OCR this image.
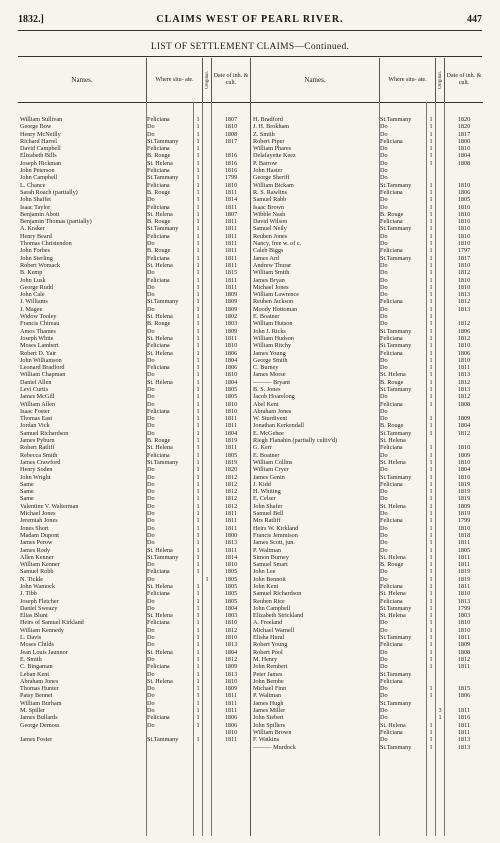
1832.]	CLAIMS WEST OF PEARL RIVER.	447
LIST OF SETTLEMENT CLAIMS—Continued.
Names.	Where situ- ate.	Original. Date of inh. & cult.
William Sullivan	Feliciana	1	1807
George Bow	Do	1	1810
Henry McNeilly	Do	1	1808
Richard Harrel	St.Tammany	1	1817
David Campbell	Feliciana	1
Elizabeth Bills	B. Rouge	1	1816
Joseph Hickman	St. Helena	1	1816
John Peterson	Feliciana	1	1816
John Campbell	St.Tammany	1	1799
L. Chance	Feliciana	1	1810
Sarah Roach (partially)	B. Rouge	1	1811
John Shaffet	Do	1	1814
Isaac Taylor	Feliciana	1	1811
Benjamin Abott	St. Helena	1	1807
Benjamin Thomas (partially)	B. Rouge	1	1811
A. Kraker	St.Tammany	1	1811
Henry Beard	Feliciana	1	1811
Thomas Christendon	Do	1	1811
John Forbes	B. Rouge	1	1811
John Sterling	Feliciana	1	1811
Robert Womack	St. Helena	1	1811
B. Kemp	Do	1	1815
John Lusk	Feliciana	1	1811
George Rudd	Do	1	1811
John Cale	Do	1	1809
J. Williams	St.Tammany	1	1809
J. Magee	Do	1	1809
Widow Tooley	St. Helena	1	1802
Francis Chireau	B. Rouge	1	1803
Amos Thames	Do	1	1809
Joseph White	St. Helena	1	1811
Moses Lambert	Feliciana	1	1810
Robert D. Yair	St. Helena	1	1806
John Williamson	Do	1	1804
Leonard Bradford	Feliciana	1	1806
William Chapman	Do	1	1810
Daniel Allen	St. Helena	1	1804
Levi Curtis	Do	1	1805
James McGill	Do	1	1805
William Allen	Do	1	1810
Isaac Foster	Feliciana	1	1810
Thomas East	Do	1	1811
Jordan Vick	Do	1	1811
Samuel Richardson	Do	1	1804
James Pyburn	B. Rouge	1	1819
Robert Ratliff	St. Helena	1	1811
Rebecca Smith	Feliciana	1	1805
James Crawford	St.Tammany	1	1819
Henry Soden	Do	1	1820
John Wright	Do	1	1812
Same	Do	1	1812
Same	Do	1	1812
Same	Do	1	1812
Valentine V. Walterman	Do	1	1812
Michael Jones	Do	1	1811
Jeremiah Jones	Do	1	1811
Jones Short	Do	1	1811
Madam Dupont	Do	1	1800
James Perow	Do	1	1813
James Rody	St. Helena	1	1811
Allen Kenner	St.Tammany	1	1814
William Kenner	Do	1	1810
Samuel Robb	Feliciana	1	1805
N. Tickle	Do	1	1805
John Wamock	St. Helena	1	1805
J. Tibb	Feliciana	1	1805
Joseph Fletcher	Do	1	1805
Daniel Sweazy	Do	1	1804
Elias Blunt	St. Helena	1	1803
Heirs of Samuel Kirkland	Feliciana	1	1810
William Kennedy	Do	1	1812
L. Davis	Do	1	1810
Moses Childs	Do	1	1813
Jean Louis Jaunnor	St. Helena	1	1804
E. Smith	Do	1	1812
C. Bingaman	Feliciana	1	1809
Leban Kent	Do	1	1813
Abraham Jones	St. Helena	1	1810
Thomas Hunter	Do	1	1809
Patsy Bennet	Do	1	1811
William Burham	Do	1	1811
M. Spiller	Do	1	1811
James Bullards	Feliciana	1	1806
George Demoss	Do	1	1806
1810
James Foster	St.Tammany	1	1811
Names.	Where situ- ate.	Original. Date of inh. & cult.
H. Bradford	St.Tammany	1	1820
J. H. Brokham	Do	1	1820
Z. Smith	Do	1	1817
Robert Piper	Feliciana	1	1800
William Phares	Do	1	1810
Delafayette Keez	Do	1	1804
P. Barrow	Do	1	1808
John Haster	Do
George Sheriff	Do
William Bickam	St.Tammany	1	1810
R. S. Rawlins	Feliciana	1	1806
Samuel Rabb	Do	1	1805
Isaac Brown	Do	1	1810
Wibble Nash	B. Rouge	1	1810
David Wilson	Feliciana	1	1810
Samuel Neily	St.Tammany	1	1810
Reuben Jones	Do	1	1810
Nancy, free w. of c.	Do	1	1810
Caleb Biggs	Feliciana	1	1797
James Ard	St.Tammany	1	1817
Andrew Thurar	Do	1	1810
William Smith	Do	1	1812
James Bryan	Do	1	1810
Michael Jones	Do	1	1810
William Lawrence	Do	1	1813
Reuben Jackson	Feliciana	1	1812
Moody Hottoman	Do	1	1813
E. Boatner	Do	1
William Hutson	Do	1	1812
John J. Ricks	St.Tammany	1	1806
William Hudson	Feliciana	1	1812
William Ritchy	St.Tammany	1	1810
James Young	Feliciana	1	1806
George Smith	Do	1	1810
C. Burney	Do	1	1811
James Morse	St. Helena	1	1813
——— Bryant	B. Rouge	1	1812
B. S. Jones	St.Tammany	1	1813
Jacob Hoarelong	Do	1	1812
Abel Kent	Feliciana	1	1808
Abraham Jones	Do
W. Sturdivent	Do	1	1809
Jonathan Kerkendall	B. Rouge	1	1804
E. McGehee	St.Tammany	1	1812
Riegh Flanahin (partially cultiv'd)	St. Helena
G. Kerr	Feliciana	1	1810
E. Boatner	Do	1	1809
William Collins	St. Helena	1	1810
William Cryer	Do	1	1804
James Genin	St.Tammany	1	1810
J. Kidd	Feliciana	1	1819
H. Whiting	Do	1	1819
E. Celser	Do	1	1819
John Shafer	St. Helena	1	1809
Samuel Bell	Do	1	1819
Mrs Ratliff	Feliciana	1	1799
Heirs W. Kirkland	Do	1	1810
Francis Jemmison	Do	1	1818
James Scott, jun.	Do	1	1811
P. Waltman	Do	1	1805
Simon Burney	St. Helena	1	1811
Samuel Smart	B. Rouge	1	1811
John Lee	Do	1	1819
John Bennoit	Do	1	1819
John Kent	Feliciana	1	1811
Samuel Richardson	St. Helena	1	1810
Reuben Rice	Feliciana	1	1813
John Campbell	St.Tammany	1	1799
Elizabeth Strickland	St. Helena	1	1803
A. Freeland	Do	1	1810
Michael Warnell	Do	1	1810
Elisha Hural	St.Tammany	1	1811
Robert Young	Feliciana	1	1809
Robert Pool	Do	1	1808
M. Henry	Do	1	1812
John Rembert	Do	1	1811
Peter James	St.Tammany
John Bembe	Feliciana
Michael Finn	Do	1	1815
P. Waltman	Do	1	1806
James Hugh	St.Tammany
James Miller	Do	3	1811
John Siebert	Do	1	1816
John Spillers	St. Helena	1	1811
William Brown	Feliciana	1	1811
F. Watkins	Do	1	1813
——— Murdock	St.Tammany	1	1813
